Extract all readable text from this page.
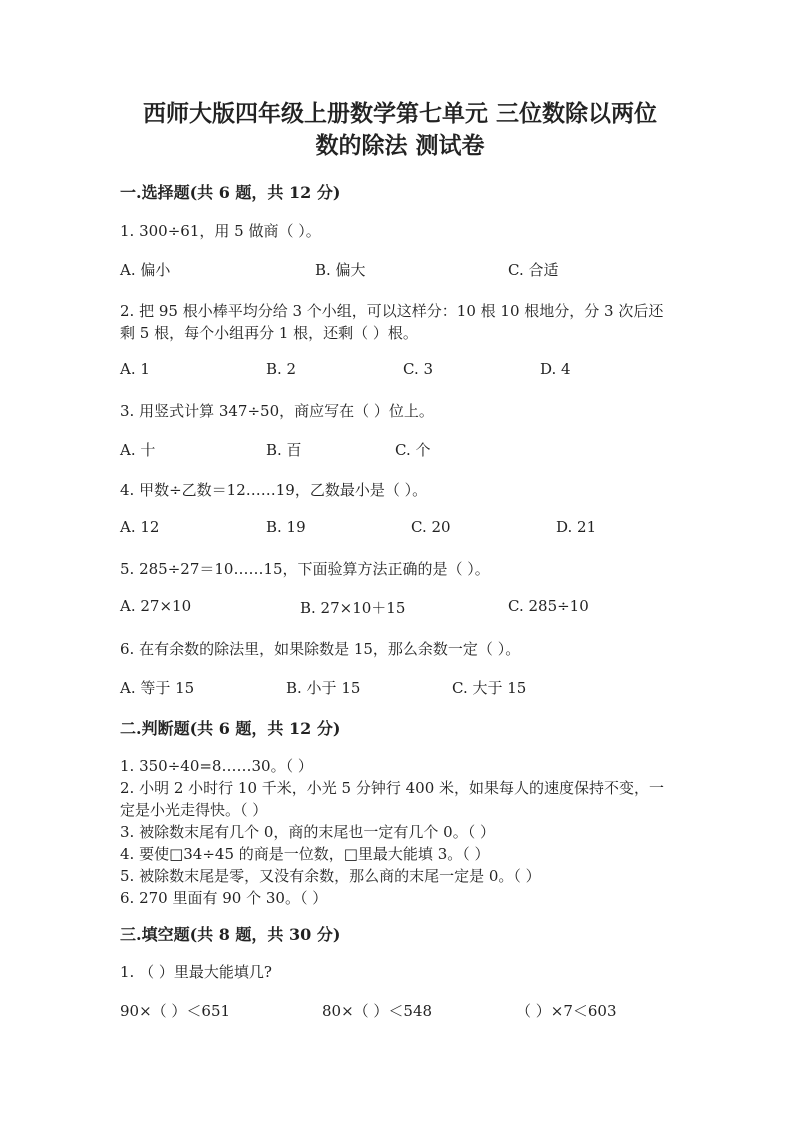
西师大版四年级上册数学第七单元 三位数除以两位
数的除法 测试卷
一.选择题(共 6 题，共 12 分)
1. 300÷61，用 5 做商（ ）。
A. 偏小	B. 偏大	C. 合适
2. 把 95 根小棒平均分给 3 个小组，可以这样分：10 根 10 根地分，分 3 次后还
剩 5 根，每个小组再分 1 根，还剩（ ）根。
A. 1	B. 2	C. 3	D. 4
3. 用竖式计算 347÷50，商应写在（ ）位上。
A. 十	B. 百	C. 个
4. 甲数÷乙数＝12……19，乙数最小是（ ）。
A. 12	B. 19	C. 20	D. 21
5. 285÷27＝10……15，下面验算方法正确的是（ ）。
A. 27×10	B. 27×10＋15	C. 285÷10
6. 在有余数的除法里，如果除数是 15，那么余数一定（ ）。
A. 等于 15	B. 小于 15	C. 大于 15
二.判断题(共 6 题，共 12 分)
1. 350÷40=8……30。（ ）
2. 小明 2 小时行 10 千米，小光 5 分钟行 400 米，如果每人的速度保持不变，一
定是小光走得快。（ ）
3. 被除数末尾有几个 0，商的末尾也一定有几个 0。（ ）
4. 要使□34÷45 的商是一位数，□里最大能填 3。（ ）
5. 被除数末尾是零，又没有余数，那么商的末尾一定是 0。（ ）
6. 270 里面有 90 个 30。（ ）
三.填空题(共 8 题，共 30 分)
1. （ ）里最大能填几?
90×（ ）＜651	80×（ ）＜548	（ ）×7＜603
